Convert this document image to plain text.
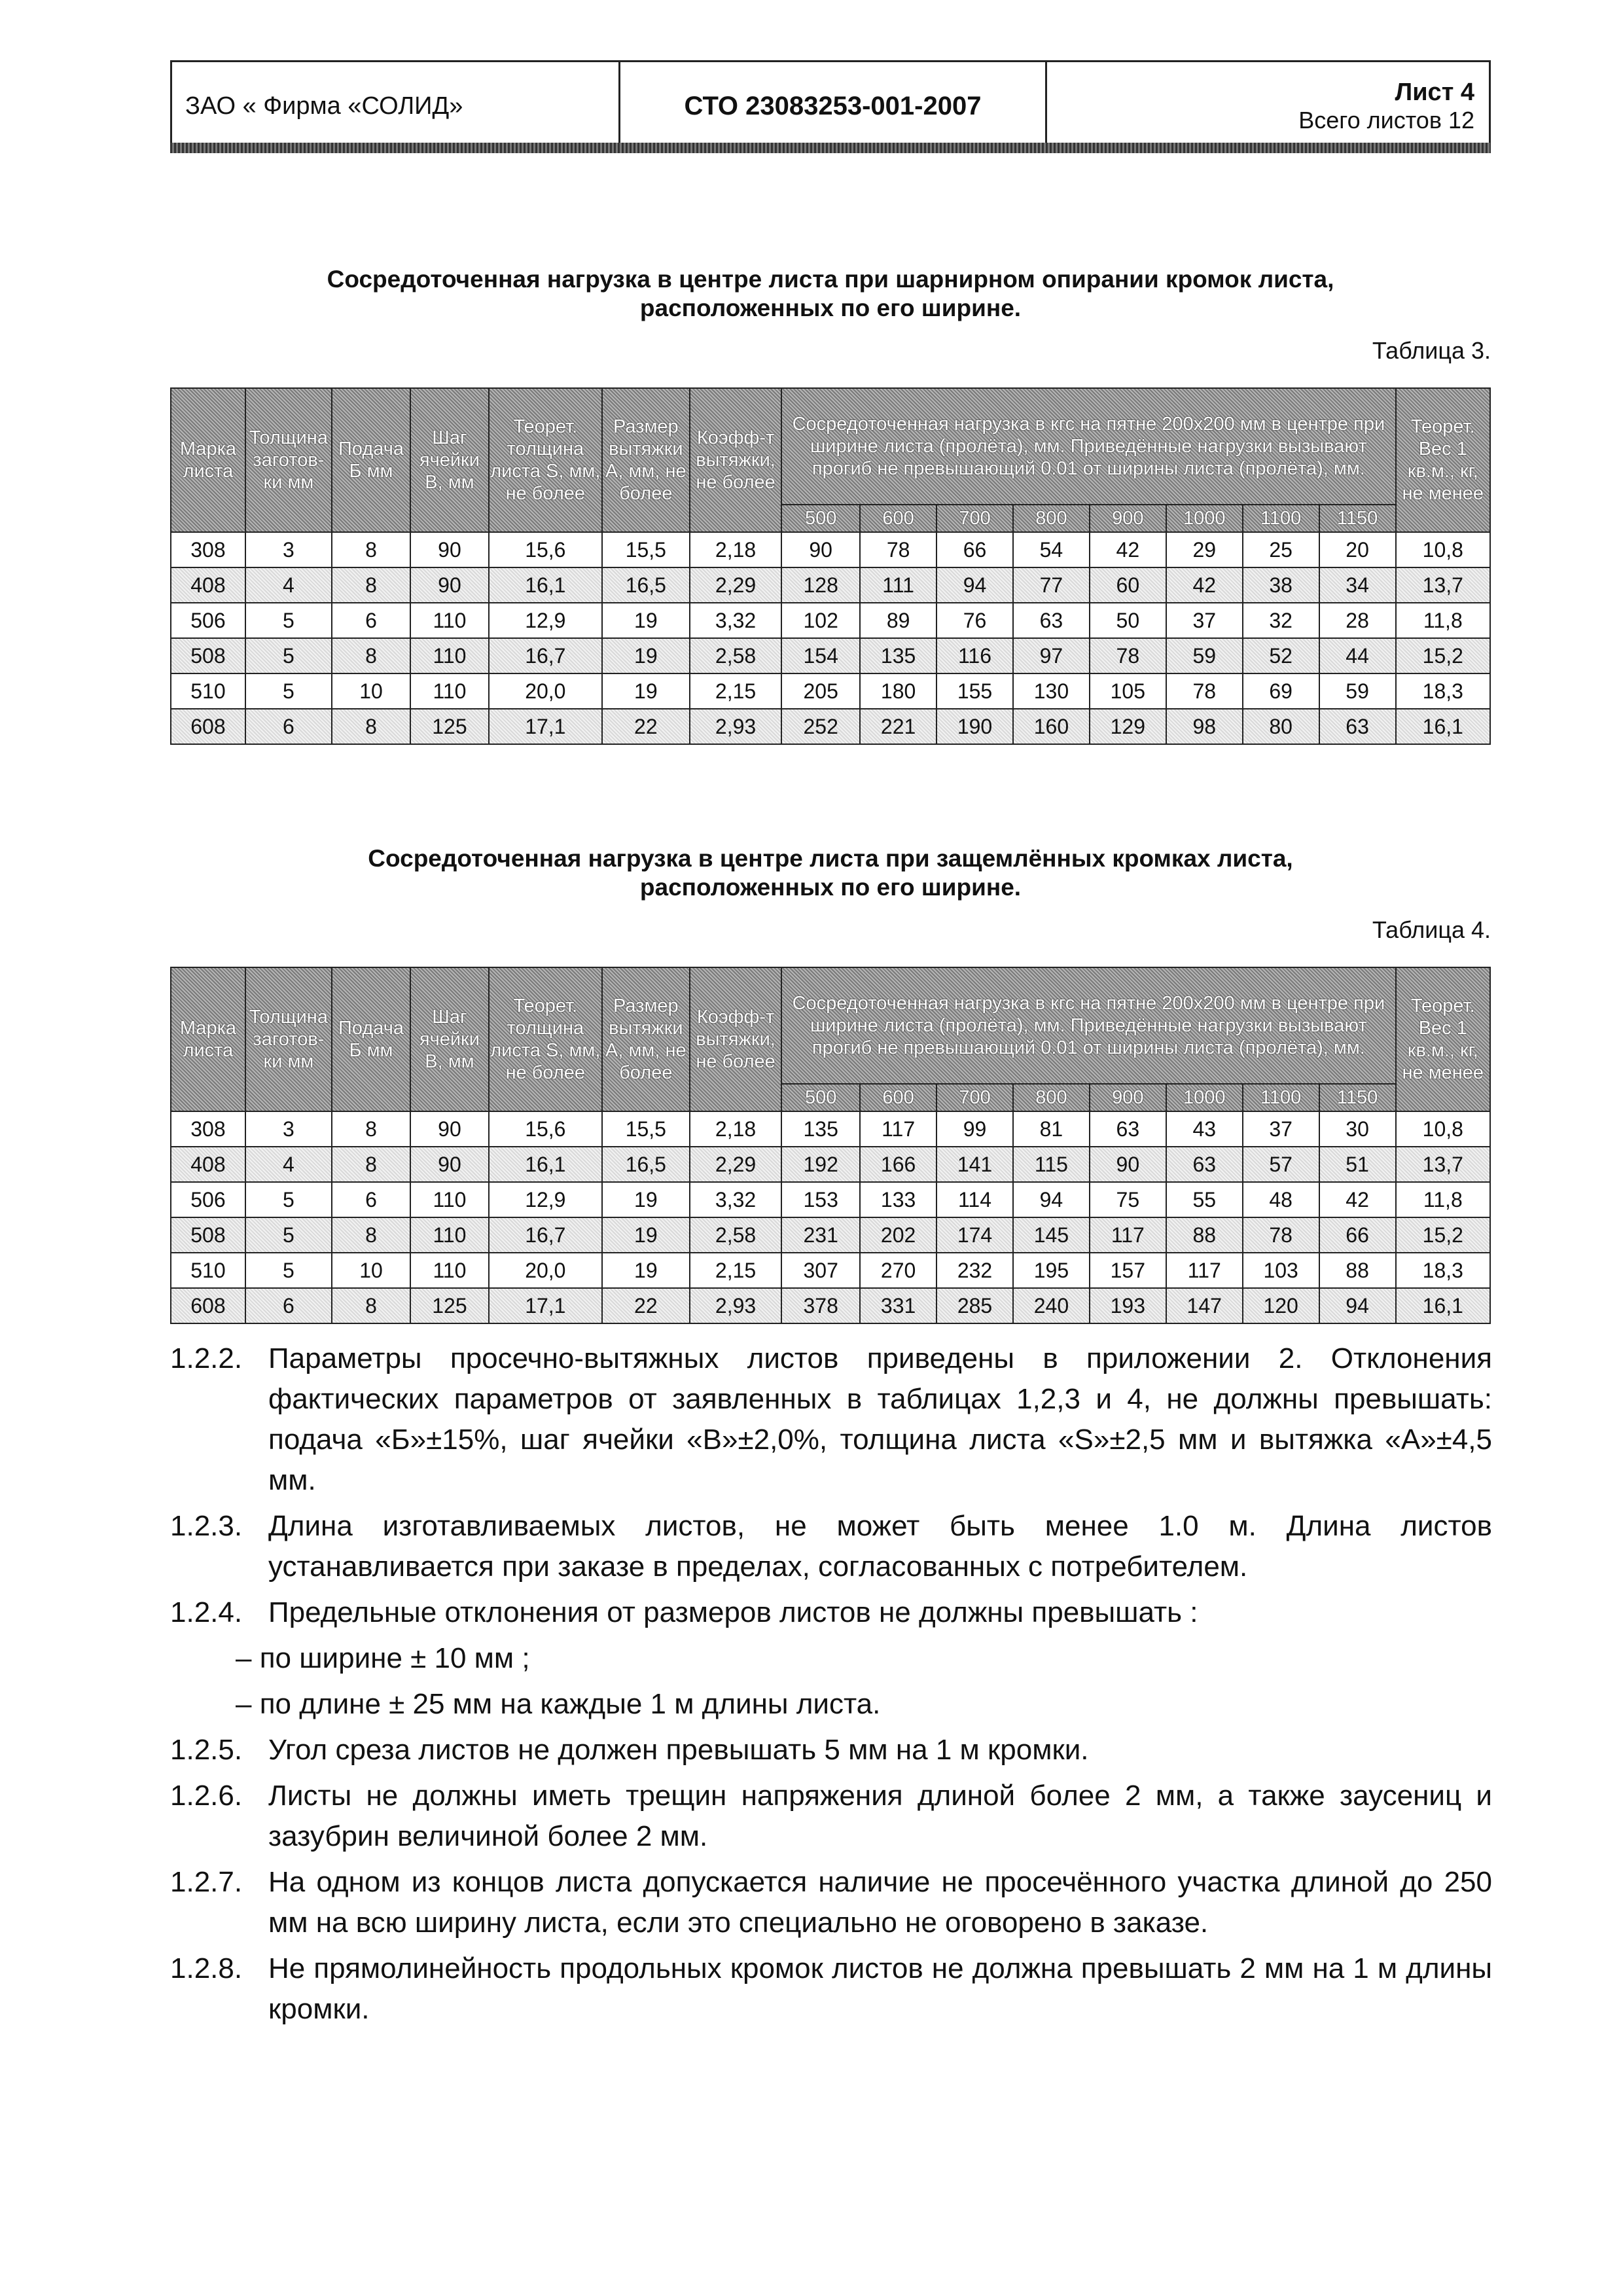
ЗАО « Фирма «СОЛИД»	СТО 23083253-001-2007	Лист 4
Всего листов 12
Сосредоточенная нагрузка в центре листа при шарнирном опирании кромок листа,
расположенных по его ширине.
Таблица 3.
Марка листа	Толщина заготов-ки мм	Подача Б мм	Шаг ячейки В, мм	Теорет. толщина листа S, мм, не более	Размер вытяжки А, мм, не более	Коэфф-т вытяжки, не более	Сосредоточенная нагрузка в кгс на пятне 200х200 мм в центре при ширине листа (пролёта), мм. Приведённые нагрузки вызывают прогиб не превышающий 0.01 от ширины листа (пролёта), мм.								Теорет. Вес 1 кв.м., кг, не менее
							500	600	700	800	900	1000	1100	1150	
308	3	8	90	15,6	15,5	2,18	90	78	66	54	42	29	25	20	10,8
408	4	8	90	16,1	16,5	2,29	128	111	94	77	60	42	38	34	13,7
506	5	6	110	12,9	19	3,32	102	89	76	63	50	37	32	28	11,8
508	5	8	110	16,7	19	2,58	154	135	116	97	78	59	52	44	15,2
510	5	10	110	20,0	19	2,15	205	180	155	130	105	78	69	59	18,3
608	6	8	125	17,1	22	2,93	252	221	190	160	129	98	80	63	16,1
Сосредоточенная нагрузка в центре листа при защемлённых кромках листа,
расположенных по его ширине.
Таблица 4.
Марка листа	Толщина заготов-ки мм	Подача Б мм	Шаг ячейки В, мм	Теорет. толщина листа S, мм, не более	Размер вытяжки А, мм, не более	Коэфф-т вытяжки, не более	Сосредоточенная нагрузка в кгс на пятне 200х200 мм в центре при ширине листа (пролёта), мм. Приведённые нагрузки вызывают прогиб не превышающий 0.01 от ширины листа (пролёта), мм.								Теорет. Вес 1 кв.м., кг, не менее
							500	600	700	800	900	1000	1100	1150	
308	3	8	90	15,6	15,5	2,18	135	117	99	81	63	43	37	30	10,8
408	4	8	90	16,1	16,5	2,29	192	166	141	115	90	63	57	51	13,7
506	5	6	110	12,9	19	3,32	153	133	114	94	75	55	48	42	11,8
508	5	8	110	16,7	19	2,58	231	202	174	145	117	88	78	66	15,2
510	5	10	110	20,0	19	2,15	307	270	232	195	157	117	103	88	18,3
608	6	8	125	17,1	22	2,93	378	331	285	240	193	147	120	94	16,1
1.2.2. Параметры просечно-вытяжных листов приведены в приложении 2. Отклонения фактических параметров от заявленных в таблицах 1,2,3 и 4, не должны превышать: подача «Б»±15%, шаг ячейки «В»±2,0%, толщина листа «S»±2,5 мм и вытяжка «А»±4,5 мм.
1.2.3. Длина изготавливаемых листов, не может быть менее 1.0 м. Длина листов устанавливается при заказе в пределах, согласованных с потребителем.
1.2.4. Предельные отклонения от размеров листов не должны превышать :
– по ширине ± 10 мм ;
– по длине ± 25 мм на каждые 1 м длины листа.
1.2.5. Угол среза листов не должен превышать 5 мм на 1 м кромки.
1.2.6. Листы не должны иметь трещин напряжения длиной более 2 мм, а также заусениц и зазубрин величиной более 2 мм.
1.2.7. На одном из концов листа допускается наличие не просечённого участка длиной до 250 мм на всю ширину листа, если это специально не оговорено в заказе.
1.2.8. Не прямолинейность продольных кромок листов не должна превышать 2 мм на 1 м длины кромки.
